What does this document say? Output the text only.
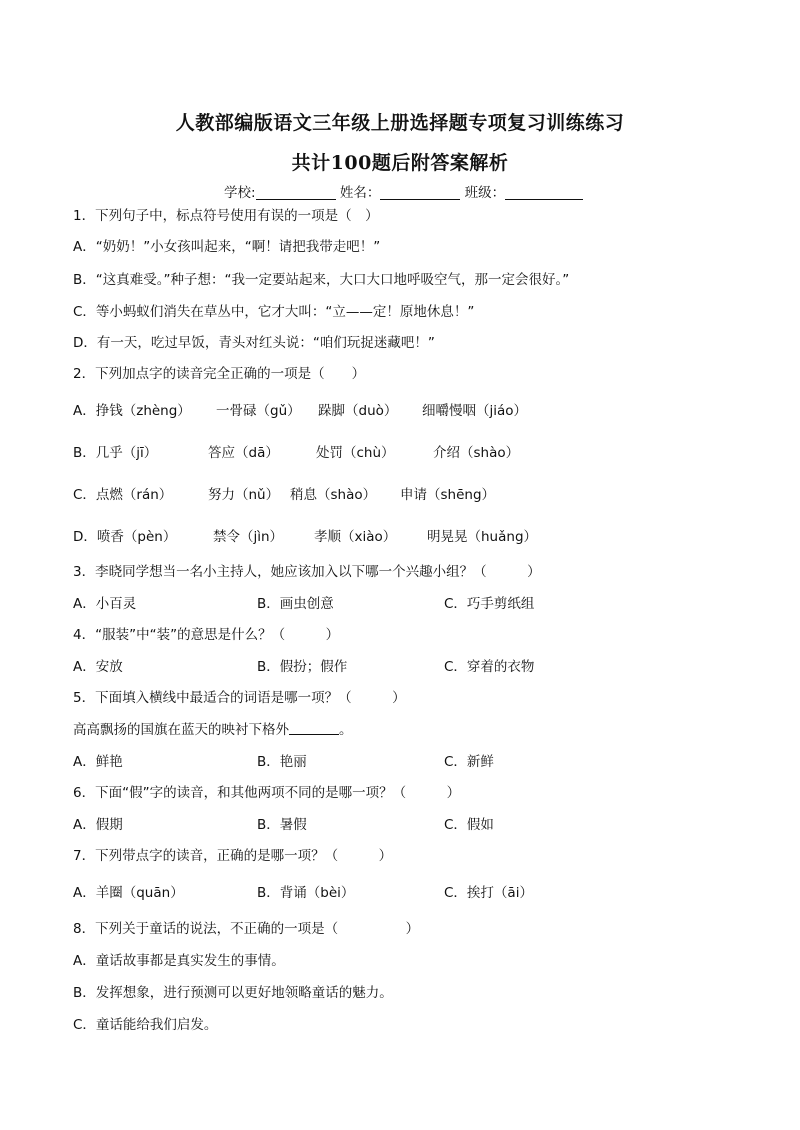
人教部编版语文三年级上册选择题专项复习训练练习
共计100题后附答案解析
学校:	姓名：	班级：
1．下列句子中，标点符号使用有误的一项是（　）
A．“奶奶！”小女孩叫起来，“啊！请把我带走吧！”
B．“这真难受。”种子想：“我一定要站起来，大口大口地呼吸空气，那一定会很好。”
C．等小蚂蚁们消失在草丛中，它才大叫：“立——定！原地休息！”
D．有一天，吃过早饭，青头对红头说：“咱们玩捉迷藏吧！”
2．下列加点字的读音完全正确的一项是（　　）
A．挣钱（zhèng） 一骨碌（gǔ） 跺脚（duò） 细嚼慢咽（jiáo）
B．几乎（jī）	答应（dā）	处罚（chù）	介绍（shào）
C．点燃（rán）	努力（nǔ） 稍息（shào） 申请（shēng）
D．喷香（pèn）	禁令（jìn） 孝顺（xiào） 明晃晃（huǎng）
3．李晓同学想当一名小主持人，她应该加入以下哪一个兴趣小组？（　　　）
A．小百灵	B．画虫创意	C．巧手剪纸组
4．“服装”中“装”的意思是什么？（　　　）
A．安放	B．假扮；假作	C．穿着的衣物
5．下面填入横线中最适合的词语是哪一项？（　　　）
高高飘扬的国旗在蓝天的映衬下格外	。
A．鲜艳	B．艳丽	C．新鲜
6．下面“假”字的读音，和其他两项不同的是哪一项？（　　　）
A．假期	B．暑假	C．假如
7．下列带点字的读音，正确的是哪一项？（　　　）
A．羊圈（quān）	B．背诵（bèi）	C．挨打（āi）
8．下列关于童话的说法，不正确的一项是（　　　　　）
A．童话故事都是真实发生的事情。
B．发挥想象，进行预测可以更好地领略童话的魅力。
C．童话能给我们启发。
